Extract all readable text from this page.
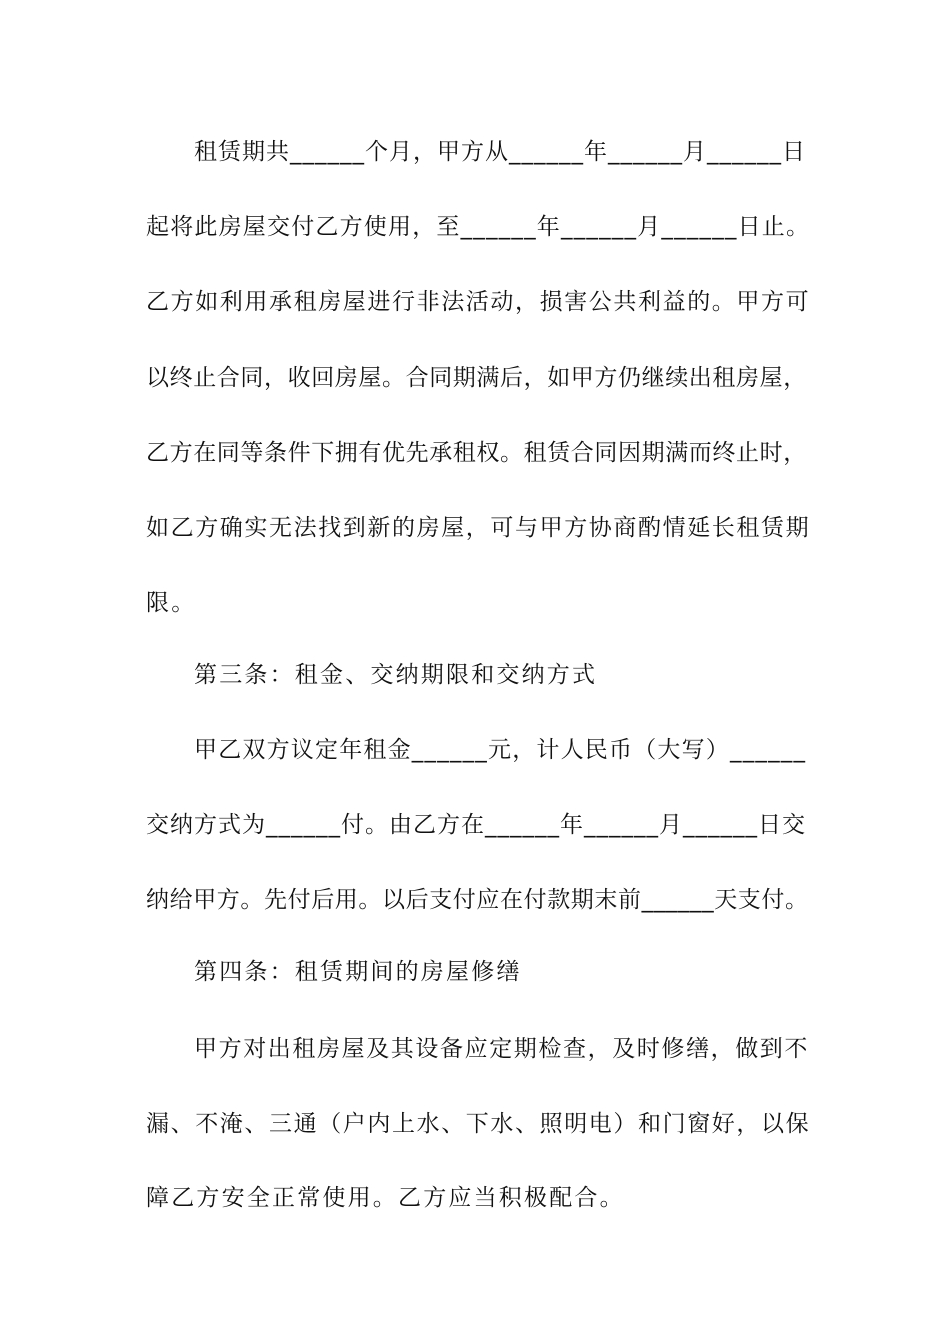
租赁期共______个月，甲方从______年______月______日
起将此房屋交付乙方使用，至______年______月______日止。
乙方如利用承租房屋进行非法活动，损害公共利益的。甲方可
以终止合同，收回房屋。合同期满后，如甲方仍继续出租房屋，
乙方在同等条件下拥有优先承租权。租赁合同因期满而终止时，
如乙方确实无法找到新的房屋，可与甲方协商酌情延长租赁期
限。
第三条：租金、交纳期限和交纳方式
甲乙双方议定年租金______元，计人民币（大写）______
交纳方式为______付。由乙方在______年______月______日交
纳给甲方。先付后用。以后支付应在付款期末前______天支付。
第四条：租赁期间的房屋修缮
甲方对出租房屋及其设备应定期检查，及时修缮，做到不
漏、不淹、三通（户内上水、下水、照明电）和门窗好，以保
障乙方安全正常使用。乙方应当积极配合。
